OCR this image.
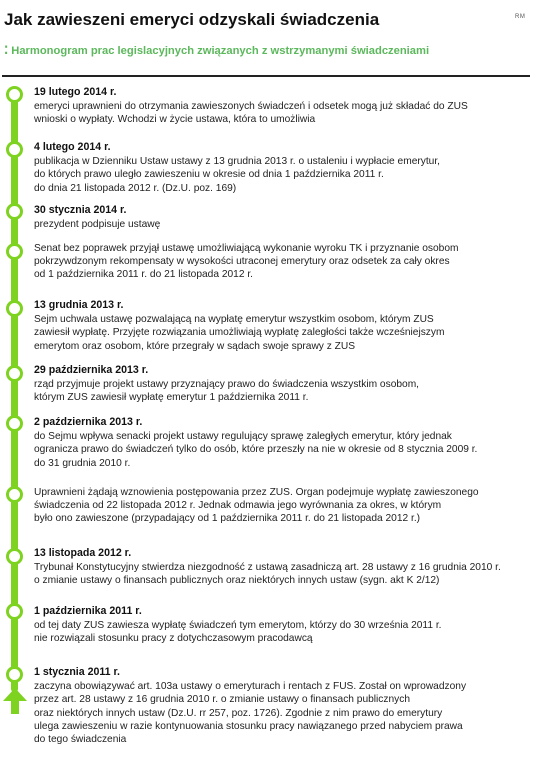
Jak zawieszeni emeryci odzyskali świadczenia	RM
⁚ Harmonogram prac legislacyjnych związanych z wstrzymanymi świadczeniami
19 lutego 2014 r.
emeryci uprawnieni do otrzymania zawieszonych świadczeń i odsetek mogą już składać do ZUS
wnioski o wypłaty. Wchodzi w życie ustawa, która to umożliwia
4 lutego 2014 r.
publikacja w Dzienniku Ustaw ustawy z 13 grudnia 2013 r. o ustaleniu i wypłacie emerytur,
do których prawo uległo zawieszeniu w okresie od dnia 1 października 2011 r.
do dnia 21 listopada 2012 r. (Dz.U. poz. 169)
30 stycznia 2014 r.
prezydent podpisuje ustawę
Senat bez poprawek przyjął ustawę umożliwiającą wykonanie wyroku TK i przyznanie osobom
pokrzywdzonym rekompensaty w wysokości utraconej emerytury oraz odsetek za cały okres
od 1 października 2011 r. do 21 listopada 2012 r.
13 grudnia 2013 r.
Sejm uchwala ustawę pozwalającą na wypłatę emerytur wszystkim osobom, którym ZUS
zawiesił wypłatę. Przyjęte rozwiązania umożliwiają wypłatę zaległości także wcześniejszym
emerytom oraz osobom, które przegrały w sądach swoje sprawy z ZUS
29 października 2013 r.
rząd przyjmuje projekt ustawy przyznający prawo do świadczenia wszystkim osobom,
którym ZUS zawiesił wypłatę emerytur 1 października 2011 r.
2 października 2013 r.
do Sejmu wpływa senacki projekt ustawy regulujący sprawę zaległych emerytur, który jednak
ogranicza prawo do świadczeń tylko do osób, które przeszły na nie w okresie od 8 stycznia 2009 r.
do 31 grudnia 2010 r.
Uprawnieni żądają wznowienia postępowania przez ZUS. Organ podejmuje wypłatę zawieszonego
świadczenia od 22 listopada 2012 r. Jednak odmawia jego wyrównania za okres, w którym
było ono zawieszone (przypadający od 1 października 2011 r. do 21 listopada 2012 r.)
13 listopada 2012 r.
Trybunał Konstytucyjny stwierdza niezgodność z ustawą zasadniczą art. 28 ustawy z 16 grudnia 2010 r.
o zmianie ustawy o finansach publicznych oraz niektórych innych ustaw (sygn. akt K 2/12)
1 października 2011 r.
od tej daty ZUS zawiesza wypłatę świadczeń tym emerytom, którzy do 30 września 2011 r.
nie rozwiązali stosunku pracy z dotychczasowym pracodawcą
1 stycznia 2011 r.
zaczyna obowiązywać art. 103a ustawy o emeryturach i rentach z FUS. Został on wprowadzony
przez art. 28 ustawy z 16 grudnia 2010 r. o zmianie ustawy o finansach publicznych
oraz niektórych innych ustaw (Dz.U. rr 257, poz. 1726). Zgodnie z nim prawo do emerytury
ulega zawieszeniu w razie kontynuowania stosunku pracy nawiązanego przed nabyciem prawa
do tego świadczenia
